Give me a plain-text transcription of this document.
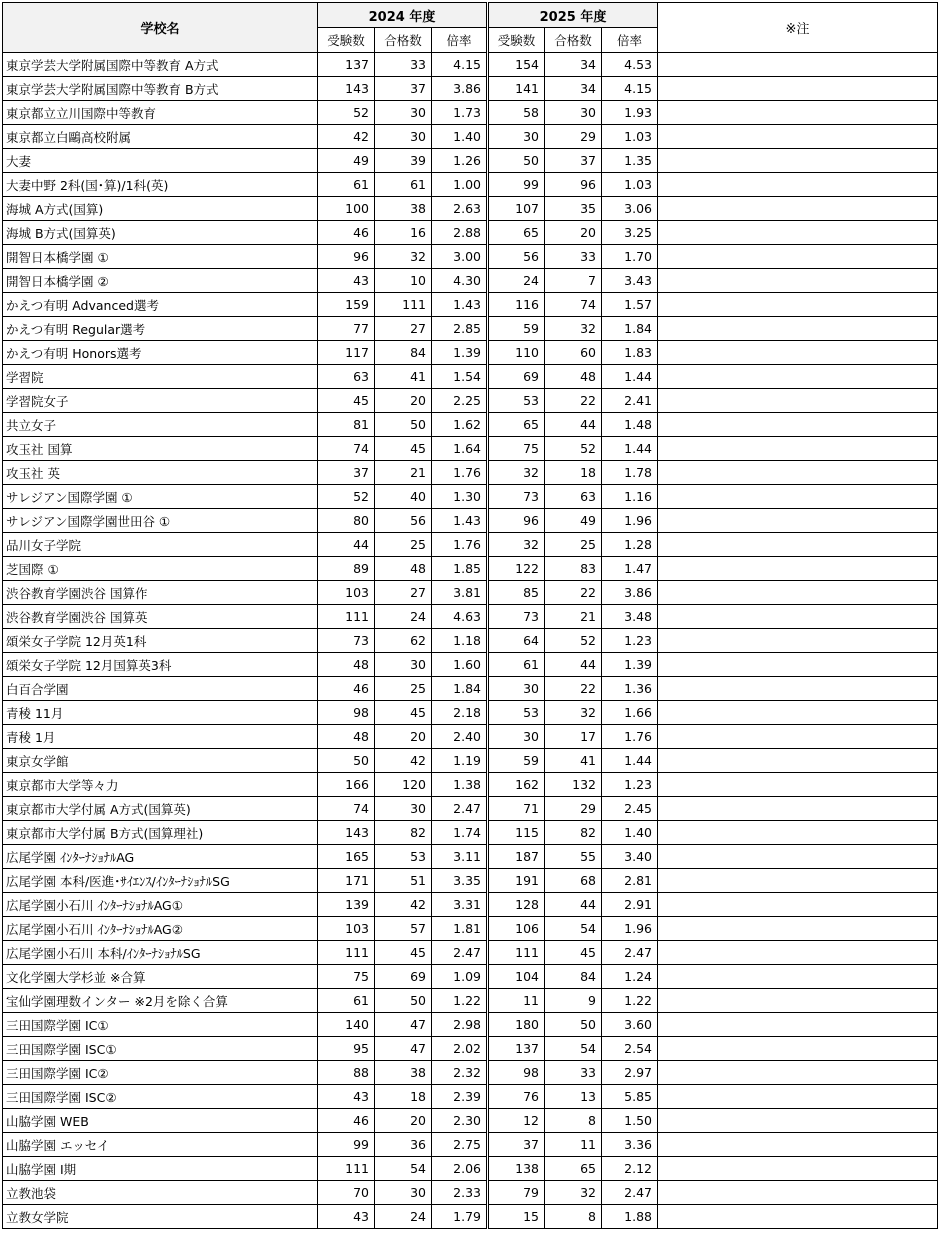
学校名	2024 年度			2025 年度			※注
	受験数	合格数	倍率	受験数	合格数	倍率	
東京学芸大学附属国際中等教育 A方式	137	33	4.15	154	34	4.53	
東京学芸大学附属国際中等教育 B方式	143	37	3.86	141	34	4.15	
東京都立立川国際中等教育	52	30	1.73	58	30	1.93	
東京都立白鷗高校附属	42	30	1.40	30	29	1.03	
大妻	49	39	1.26	50	37	1.35	
大妻中野 2科(国･算)/1科(英)	61	61	1.00	99	96	1.03	
海城 A方式(国算)	100	38	2.63	107	35	3.06	
海城 B方式(国算英)	46	16	2.88	65	20	3.25	
開智日本橋学園 ①	96	32	3.00	56	33	1.70	
開智日本橋学園 ②	43	10	4.30	24	7	3.43	
かえつ有明 Advanced選考	159	111	1.43	116	74	1.57	
かえつ有明 Regular選考	77	27	2.85	59	32	1.84	
かえつ有明 Honors選考	117	84	1.39	110	60	1.83	
学習院	63	41	1.54	69	48	1.44	
学習院女子	45	20	2.25	53	22	2.41	
共立女子	81	50	1.62	65	44	1.48	
攻玉社 国算	74	45	1.64	75	52	1.44	
攻玉社 英	37	21	1.76	32	18	1.78	
サレジアン国際学園 ①	52	40	1.30	73	63	1.16	
サレジアン国際学園世田谷 ①	80	56	1.43	96	49	1.96	
品川女子学院	44	25	1.76	32	25	1.28	
芝国際 ①	89	48	1.85	122	83	1.47	
渋谷教育学園渋谷 国算作	103	27	3.81	85	22	3.86	
渋谷教育学園渋谷 国算英	111	24	4.63	73	21	3.48	
頌栄女子学院 12月英1科	73	62	1.18	64	52	1.23	
頌栄女子学院 12月国算英3科	48	30	1.60	61	44	1.39	
白百合学園	46	25	1.84	30	22	1.36	
青稜 11月	98	45	2.18	53	32	1.66	
青稜 1月	48	20	2.40	30	17	1.76	
東京女学館	50	42	1.19	59	41	1.44	
東京都市大学等々力	166	120	1.38	162	132	1.23	
東京都市大学付属 A方式(国算英)	74	30	2.47	71	29	2.45	
東京都市大学付属 B方式(国算理社)	143	82	1.74	115	82	1.40	
広尾学園 ｲﾝﾀｰﾅｼｮﾅﾙAG	165	53	3.11	187	55	3.40	
広尾学園 本科/医進･ｻｲｴﾝｽ/ｲﾝﾀｰﾅｼｮﾅﾙSG	171	51	3.35	191	68	2.81	
広尾学園小石川 ｲﾝﾀｰﾅｼｮﾅﾙAG①	139	42	3.31	128	44	2.91	
広尾学園小石川 ｲﾝﾀｰﾅｼｮﾅﾙAG②	103	57	1.81	106	54	1.96	
広尾学園小石川 本科/ｲﾝﾀｰﾅｼｮﾅﾙSG	111	45	2.47	111	45	2.47	
文化学園大学杉並 ※合算	75	69	1.09	104	84	1.24	
宝仙学園理数インター ※2月を除く合算	61	50	1.22	11	9	1.22	
三田国際学園 IC①	140	47	2.98	180	50	3.60	
三田国際学園 ISC①	95	47	2.02	137	54	2.54	
三田国際学園 IC②	88	38	2.32	98	33	2.97	
三田国際学園 ISC②	43	18	2.39	76	13	5.85	
山脇学園 WEB	46	20	2.30	12	8	1.50	
山脇学園 エッセイ	99	36	2.75	37	11	3.36	
山脇学園 I期	111	54	2.06	138	65	2.12	
立教池袋	70	30	2.33	79	32	2.47	
立教女学院	43	24	1.79	15	8	1.88	
